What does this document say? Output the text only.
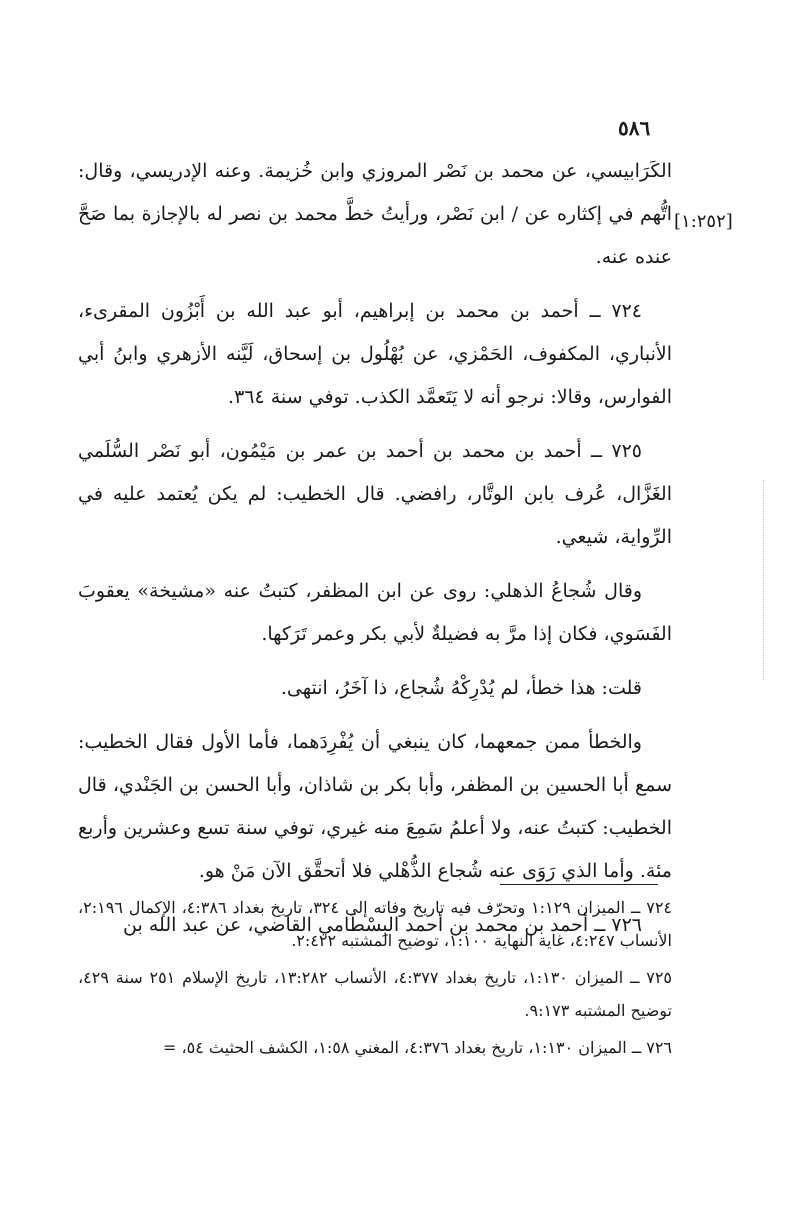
٥٨٦
[١:٢٥٢]

الكَرَابيسي، عن محمد بن نَصْر المروزي وابن خُزيمة. وعنه الإدريسي، وقال: اتُّهم في إكثاره عن / ابن نَصْر، ورأيتُ خطَّ محمد بن نصر له بالإجازة بما صَحَّ عنده عنه.

٧٢٤ ــ أحمد بن محمد بن إبراهيم، أبو عبد الله بن أَبْزُون المقرىء، الأنباري، المكفوف، الحَمْزي، عن بُهْلُول بن إسحاق، لَيَّنه الأزهري وابنُ أبي الفوارس، وقالا: نرجو أنه لا يَتَعمَّد الكذب. توفي سنة ٣٦٤.

٧٢٥ ــ أحمد بن محمد بن أحمد بن عمر بن مَيْمُون، أبو نَصْر السُّلَمي الغَزَّال، عُرف بابن الوتَّار، رافضي. قال الخطيب: لم يكن يُعتمد عليه في الرِّواية، شيعي.

وقال شُجاعُ الذهلي: روى عن ابن المظفر، كتبتُ عنه «مشيخة» يعقوبَ الفَسَوي، فكان إذا مرَّ به فضيلةٌ لأبي بكر وعمر تَرَكها.

قلت: هذا خطأ، لم يُدْرِكْهُ شُجاع، ذا آخَرُ، انتهى.

والخطأ ممن جمعهما، كان ينبغي أن يُفْرِدَهما، فأما الأول فقال الخطيب: سمع أبا الحسين بن المظفر، وأبا بكر بن شاذان، وأبا الحسن بن الجَنْدي، قال الخطيب: كتبتُ عنه، ولا أعلمُ سَمِعَ منه غيري، توفي سنة تسع وعشرين وأربع مئة. وأما الذي رَوَى عنه شُجاع الذُّهْلي فلا أتحقَّق الآن مَنْ هو.

٧٢٦ ــ أحمد بن محمد بن أحمد البِسْطَامي القاضي، عن عبد الله بن

٧٢٤ ــ الميزان ١:١٢٩ وتحرّف فيه تاريخ وفاته إلى ٣٢٤، تاريخ بغداد ٤:٣٨٦، الإكمال ٢:١٩٦، الأنساب ٤:٢٤٧، غاية النهاية ١:١٠٠، توضيح المشتبه ٢:٤٢٢.

٧٢٥ ــ الميزان ١:١٣٠، تاريخ بغداد ٤:٣٧٧، الأنساب ١٣:٢٨٢، تاريخ الإسلام ٢٥١ سنة ٤٢٩، توضيح المشتبه ٩:١٧٣.

٧٢٦ ــ الميزان ١:١٣٠، تاريخ بغداد ٤:٣٧٦، المغني ١:٥٨، الكشف الحثيث ٥٤، =
